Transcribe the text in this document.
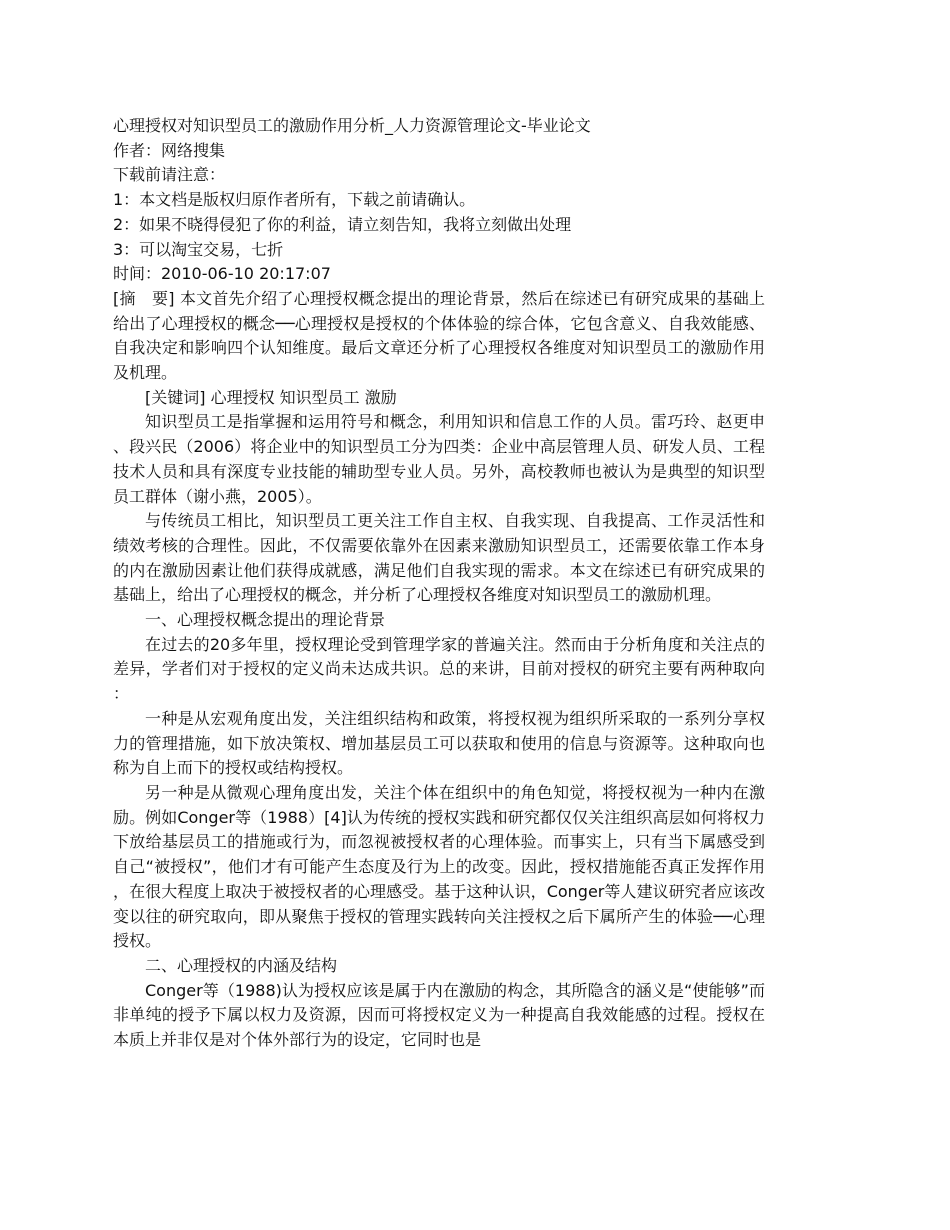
心理授权对知识型员工的激励作用分析_人力资源管理论文-毕业论文
作者：网络搜集
下载前请注意：
1：本文档是版权归原作者所有，下载之前请确认。
2：如果不晓得侵犯了你的利益，请立刻告知，我将立刻做出处理
3：可以淘宝交易，七折
时间：2010-06-10 20:17:07
[摘　要] 本文首先介绍了心理授权概念提出的理论背景，然后在综述已有研究成果的基础上给出了心理授权的概念──心理授权是授权的个体体验的综合体，它包含意义、自我效能感、自我决定和影响四个认知维度。最后文章还分析了心理授权各维度对知识型员工的激励作用及机理。
[关键词] 心理授权 知识型员工 激励
知识型员工是指掌握和运用符号和概念，利用知识和信息工作的人员。雷巧玲、赵更申、段兴民（2006）将企业中的知识型员工分为四类：企业中高层管理人员、研发人员、工程技术人员和具有深度专业技能的辅助型专业人员。另外，高校教师也被认为是典型的知识型员工群体（谢小燕，2005）。
与传统员工相比，知识型员工更关注工作自主权、自我实现、自我提高、工作灵活性和绩效考核的合理性。因此，不仅需要依靠外在因素来激励知识型员工，还需要依靠工作本身的内在激励因素让他们获得成就感，满足他们自我实现的需求。本文在综述已有研究成果的基础上，给出了心理授权的概念，并分析了心理授权各维度对知识型员工的激励机理。
一、心理授权概念提出的理论背景
在过去的20多年里，授权理论受到管理学家的普遍关注。然而由于分析角度和关注点的差异，学者们对于授权的定义尚未达成共识。总的来讲，目前对授权的研究主要有两种取向：
一种是从宏观角度出发，关注组织结构和政策，将授权视为组织所采取的一系列分享权力的管理措施，如下放决策权、增加基层员工可以获取和使用的信息与资源等。这种取向也称为自上而下的授权或结构授权。
另一种是从微观心理角度出发，关注个体在组织中的角色知觉，将授权视为一种内在激励。例如Conger等（1988）[4]认为传统的授权实践和研究都仅仅关注组织高层如何将权力下放给基层员工的措施或行为，而忽视被授权者的心理体验。而事实上，只有当下属感受到自己“被授权”，他们才有可能产生态度及行为上的改变。因此，授权措施能否真正发挥作用，在很大程度上取决于被授权者的心理感受。基于这种认识，Conger等人建议研究者应该改变以往的研究取向，即从聚焦于授权的管理实践转向关注授权之后下属所产生的体验──心理授权。
二、心理授权的内涵及结构
Conger等（1988)认为授权应该是属于内在激励的构念，其所隐含的涵义是“使能够”而非单纯的授予下属以权力及资源，因而可将授权定义为一种提高自我效能感的过程。授权在本质上并非仅是对个体外部行为的设定，它同时也是
